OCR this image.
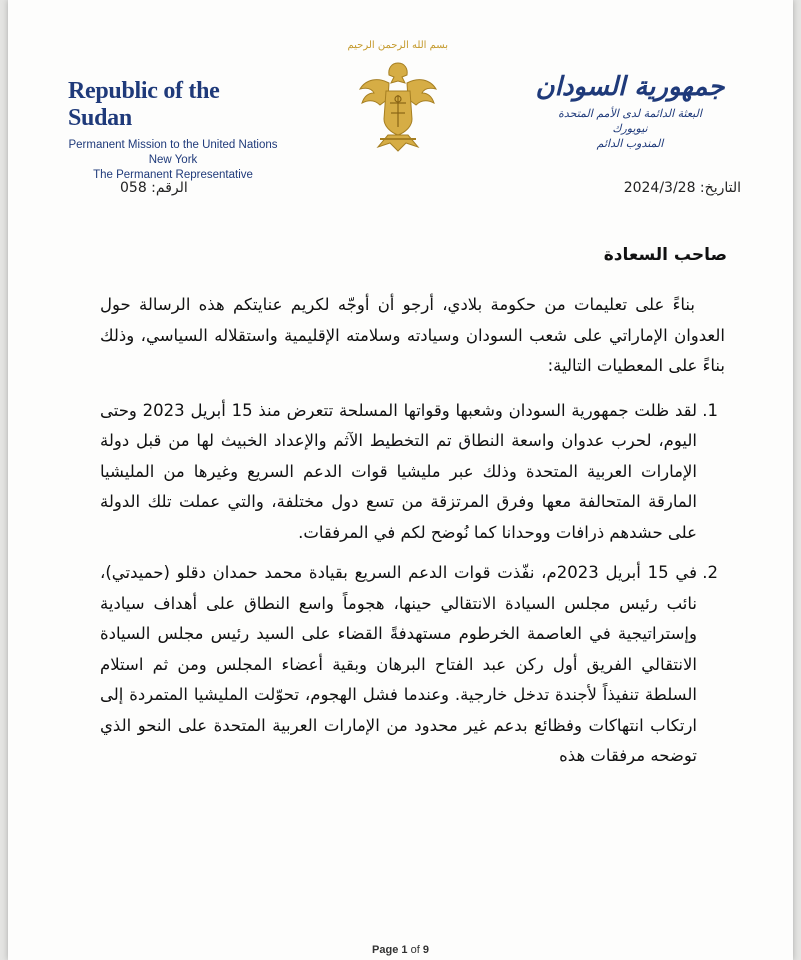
Republic of the Sudan
Permanent Mission to the United Nations
New York
The Permanent Representative
بسم الله الرحمن الرحيم
جمهورية السودان
البعثة الدائمة لدى الأمم المتحدة
نيويورك
المندوب الدائم
التاريخ: 2024/3/28
الرقم: 058
صاحب السعادة

بناءً على تعليمات من حكومة بلادي، أرجو أن أوجّه لكريم عنايتكم هذه الرسالة حول العدوان الإماراتي على شعب السودان وسيادته وسلامته الإقليمية واستقلاله السياسي، وذلك بناءً على المعطيات التالية:

1. لقد ظلت جمهورية السودان وشعبها وقواتها المسلحة تتعرض منذ 15 أبريل 2023 وحتى اليوم، لحرب عدوان واسعة النطاق تم التخطيط الآثم والإعداد الخبيث لها من قبل دولة الإمارات العربية المتحدة وذلك عبر مليشيا قوات الدعم السريع وغيرها من المليشيا المارقة المتحالفة معها وفرق المرتزقة من تسع دول مختلفة، والتي عملت تلك الدولة على حشدهم ذرافات ووحدانا كما نُوضح لكم في المرفقات.
2. في 15 أبريل 2023م، نفّذت قوات الدعم السريع بقيادة محمد حمدان دقلو (حميدتي)، نائب رئيس مجلس السيادة الانتقالي حينها، هجوماً واسع النطاق على أهداف سيادية وإستراتيجية في العاصمة الخرطوم مستهدفةً القضاء على السيد رئيس مجلس السيادة الانتقالي الفريق أول ركن عبد الفتاح البرهان وبقية أعضاء المجلس ومن ثم استلام السلطة تنفيذاً لأجندة تدخل خارجية. وعندما فشل الهجوم، تحوّلت المليشيا المتمردة إلى ارتكاب انتهاكات وفظائع بدعم غير محدود من الإمارات العربية المتحدة على النحو الذي توضحه مرفقات هذه
Page 1 of 9
